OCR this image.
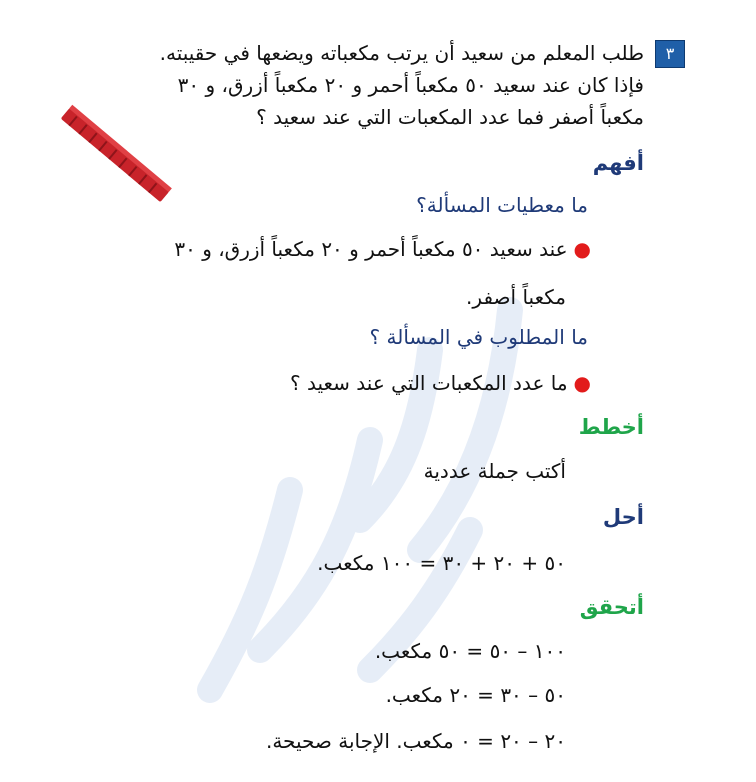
٣
طلب المعلم من سعيد أن يرتب مكعباته ويضعها في حقيبته.
فإذا كان عند سعيد ٥٠ مكعباً أحمر و ٢٠ مكعباً أزرق، و ٣٠
مكعباً أصفر فما عدد المكعبات التي عند سعيد ؟
أفهم
ما معطيات المسألة؟
●عند سعيد ٥٠ مكعباً أحمر و ٢٠ مكعباً أزرق، و ٣٠
مكعباً أصفر.
ما المطلوب في المسألة ؟
●ما عدد المكعبات التي عند سعيد ؟
أخطط
أكتب جملة عددية
أحل
٥٠ + ٢٠ + ٣٠ = ١٠٠ مكعب.
أتحقق
١٠٠ – ٥٠ = ٥٠ مكعب.
٥٠ – ٣٠ = ٢٠ مكعب.
٢٠ – ٢٠ = ٠ مكعب. الإجابة صحيحة.
